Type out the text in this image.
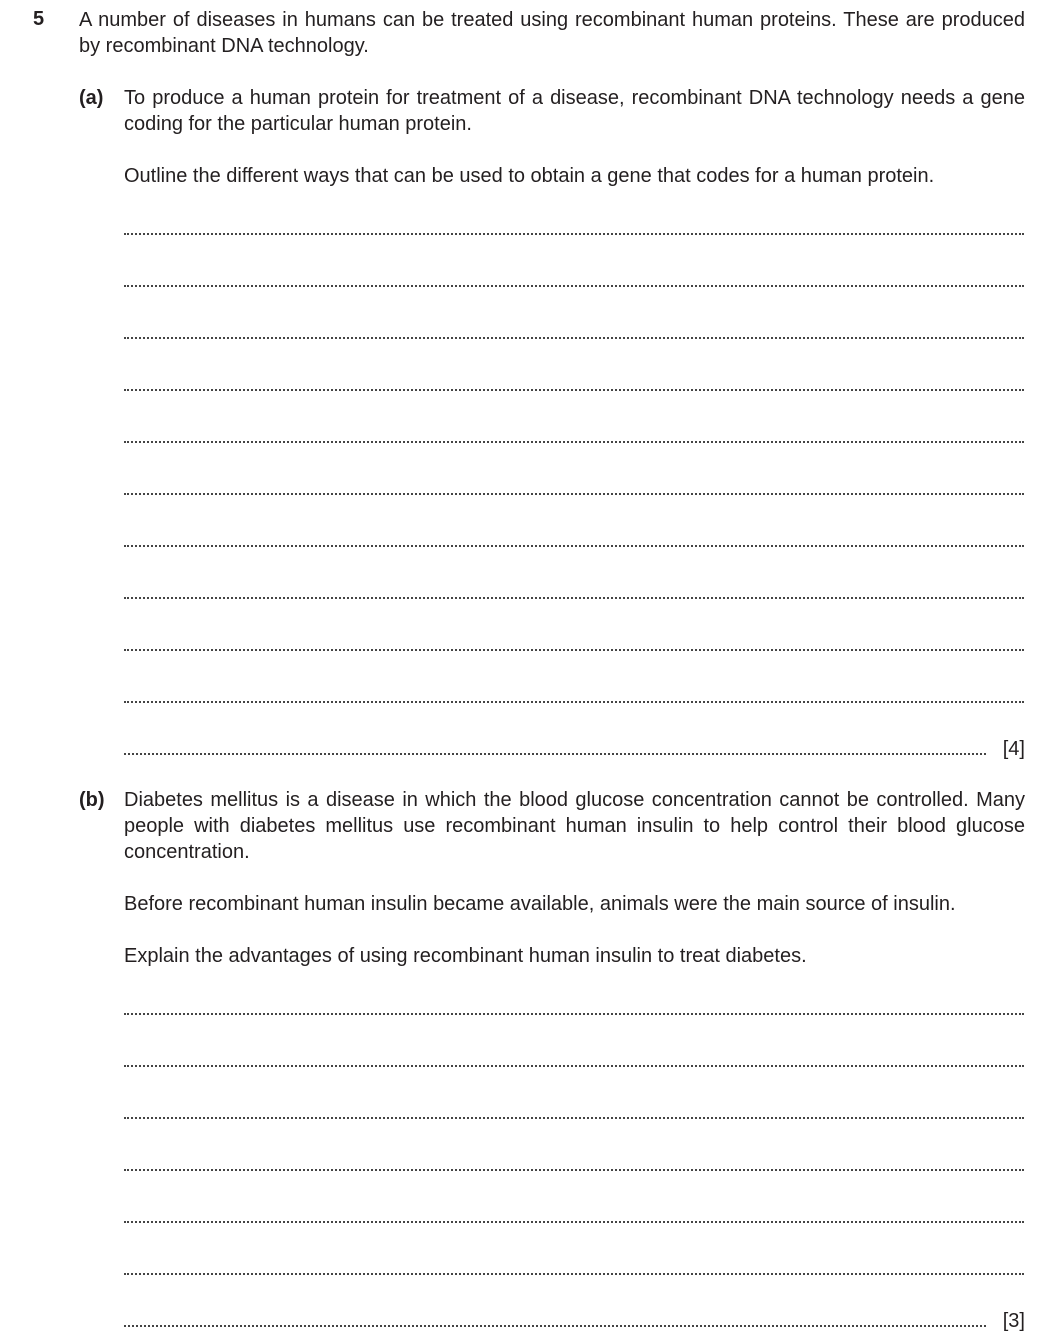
5 A number of diseases in humans can be treated using recombinant human proteins. These are produced by recombinant DNA technology.
(a) To produce a human protein for treatment of a disease, recombinant DNA technology needs a gene coding for the particular human protein.
Outline the different ways that can be used to obtain a gene that codes for a human protein.
[4]
(b) Diabetes mellitus is a disease in which the blood glucose concentration cannot be controlled. Many people with diabetes mellitus use recombinant human insulin to help control their blood glucose concentration.
Before recombinant human insulin became available, animals were the main source of insulin.
Explain the advantages of using recombinant human insulin to treat diabetes.
[3]
